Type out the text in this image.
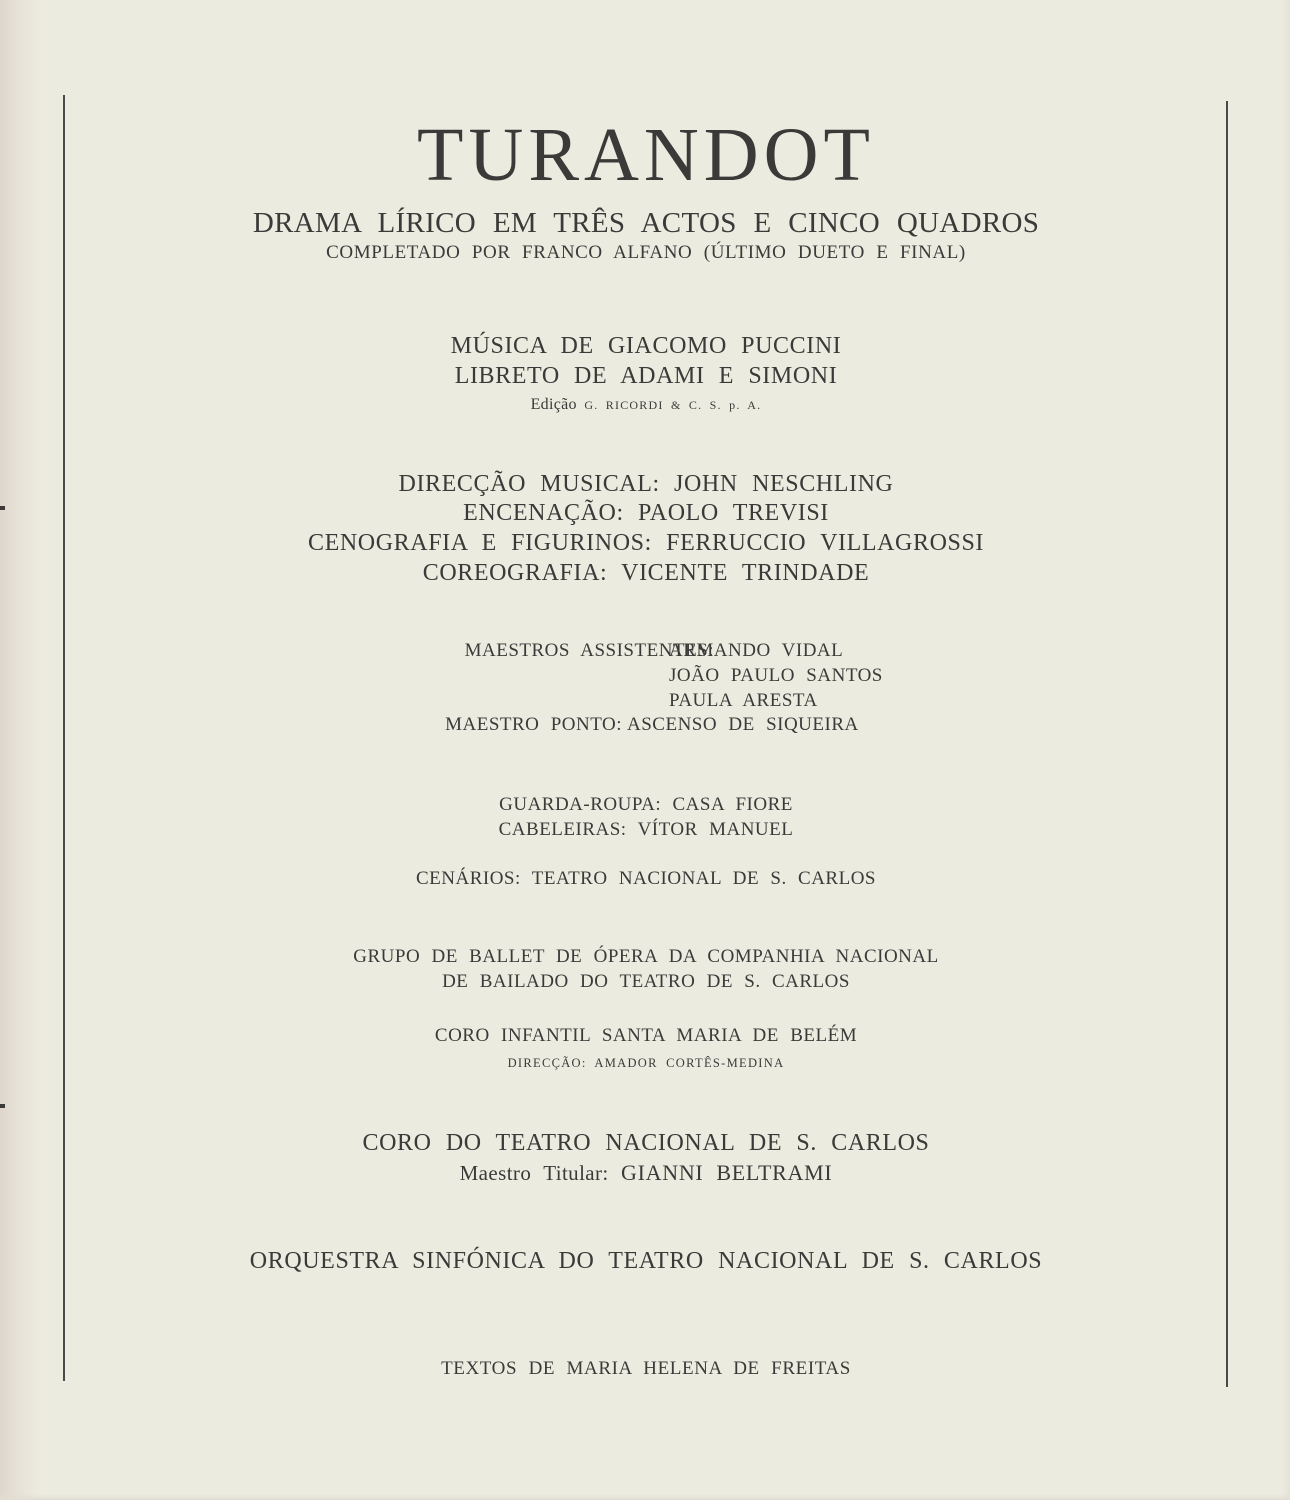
TURANDOT
DRAMA LÍRICO EM TRÊS ACTOS E CINCO QUADROS
COMPLETADO POR FRANCO ALFANO (ÚLTIMO DUETO E FINAL)
MÚSICA DE GIACOMO PUCCINI
LIBRETO DE ADAMI E SIMONI
Edição G. RICORDI & C. S. p. A.
DIRECÇÃO MUSICAL: JOHN NESCHLING
ENCENAÇÃO: PAOLO TREVISI
CENOGRAFIA E FIGURINOS: FERRUCCIO VILLAGROSSI
COREOGRAFIA: VICENTE TRINDADE
MAESTROS ASSISTENTES:
ARMANDO VIDAL
JOÃO PAULO SANTOS
PAULA ARESTA
MAESTRO PONTO: ASCENSO DE SIQUEIRA
GUARDA-ROUPA: CASA FIORE
CABELEIRAS: VÍTOR MANUEL
CENÁRIOS: TEATRO NACIONAL DE S. CARLOS
GRUPO DE BALLET DE ÓPERA DA COMPANHIA NACIONAL
DE BAILADO DO TEATRO DE S. CARLOS
CORO INFANTIL SANTA MARIA DE BELÉM
DIRECÇÃO: AMADOR CORTÊS-MEDINA
CORO DO TEATRO NACIONAL DE S. CARLOS
Maestro Titular: GIANNI BELTRAMI
ORQUESTRA SINFÓNICA DO TEATRO NACIONAL DE S. CARLOS
TEXTOS DE MARIA HELENA DE FREITAS
